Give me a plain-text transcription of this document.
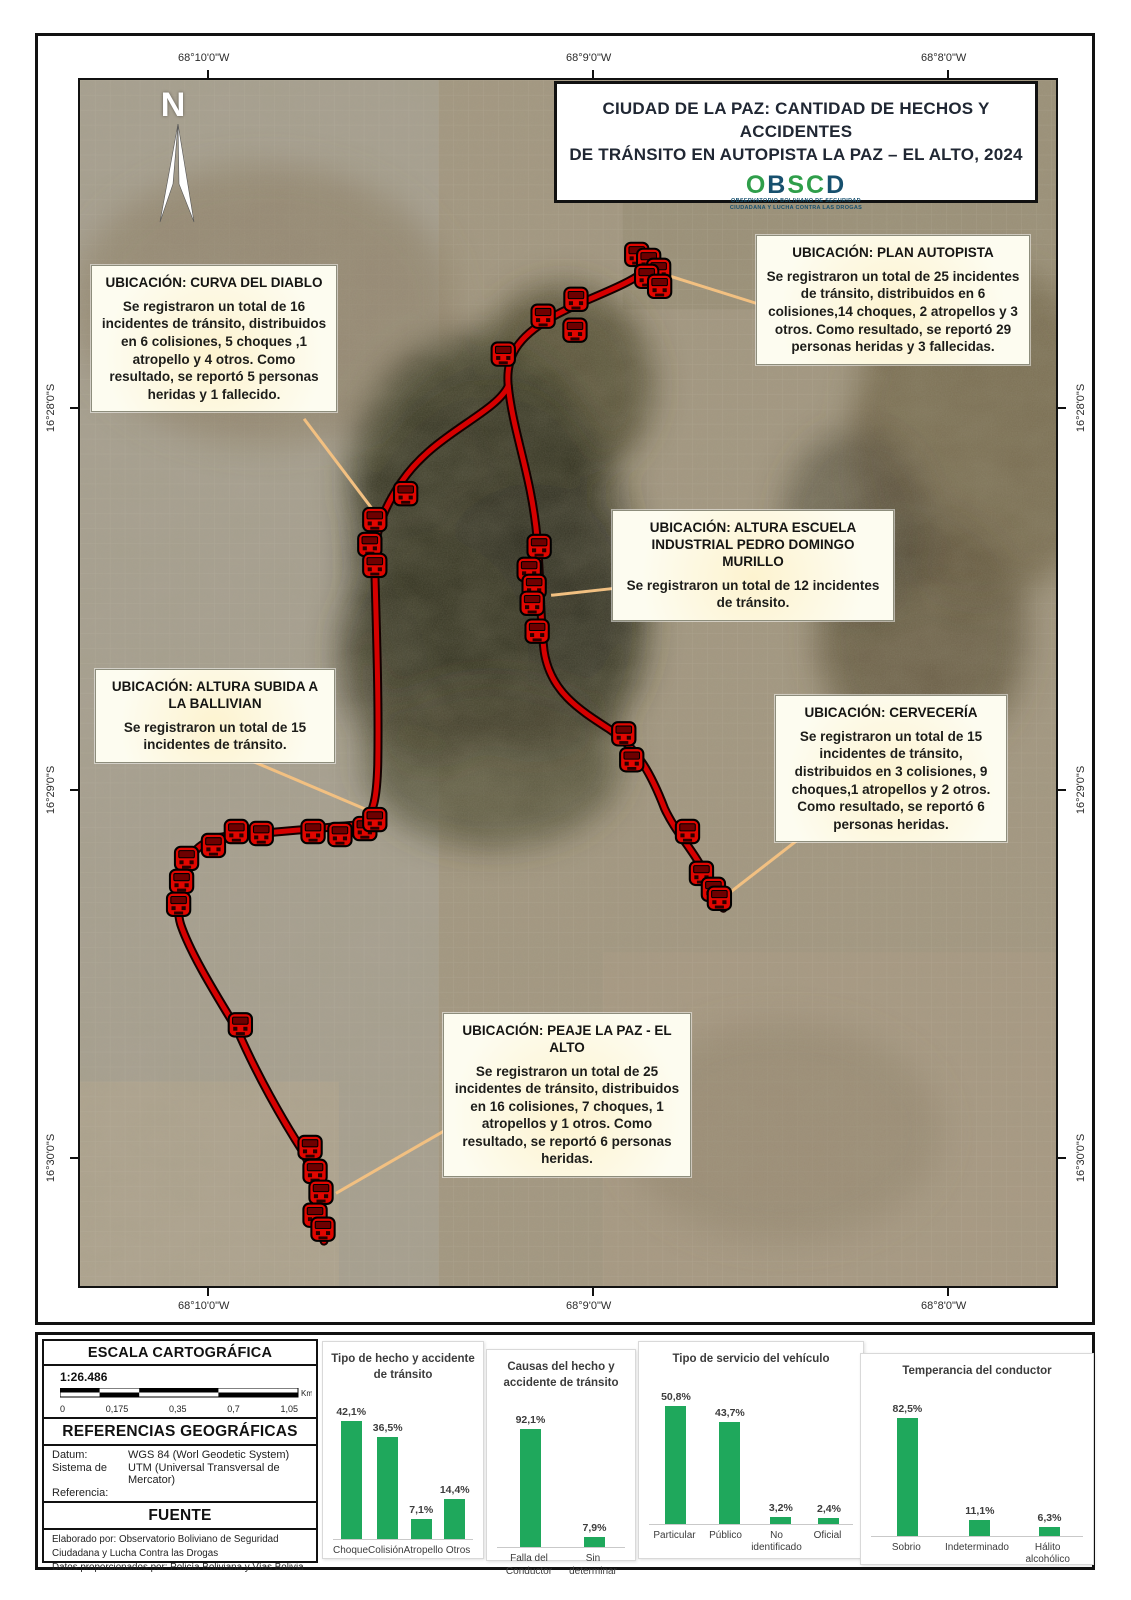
N	CIUDAD DE LA PAZ: CANTIDAD DE HECHOS Y ACCIDENTES
DE TRÁNSITO EN AUTOPISTA LA PAZ – EL ALTO, 2024
OBSCD
OBSERVATORIO BOLIVIANO DE SEGURIDAD
CIUDADANA Y LUCHA CONTRA LAS DROGAS
68°10'0"W	68°9'0"W	68°8'0"W
68°10'0"W	68°9'0"W	68°8'0"W
16°28'0"S
16°29'0"S
16°30'0"S
16°28'0"S
16°29'0"S
16°30'0"S
UBICACIÓN: CURVA DEL DIABLO

Se registraron un total de 16 incidentes de tránsito, distribuidos en 6 colisiones, 5 choques ,1 atropello y 4 otros. Como resultado, se reportó 5 personas heridas y 1 fallecido.

UBICACIÓN: PLAN AUTOPISTA

Se registraron un total de 25 incidentes de tránsito, distribuidos en 6 colisiones,14 choques, 2 atropellos y 3 otros. Como resultado, se reportó 29 personas heridas y 3 fallecidas.

UBICACIÓN: ALTURA ESCUELA INDUSTRIAL PEDRO DOMINGO MURILLO

Se registraron un total de 12 incidentes de tránsito.

UBICACIÓN: ALTURA SUBIDA A LA BALLIVIAN

Se registraron un total de 15 incidentes de tránsito.

UBICACIÓN: CERVECERÍA

Se registraron un total de 15 incidentes de tránsito, distribuidos en 3 colisiones, 9 choques,1 atropellos y 2 otros. Como resultado, se reportó 6 personas heridas.

UBICACIÓN: PEAJE LA PAZ - EL ALTO

Se registraron un total de 25 incidentes de tránsito, distribuidos en 16 colisiones, 7 choques, 1 atropellos y 1 otros. Como resultado, se reportó 6 personas heridas.

ESCALA CARTOGRÁFICA
1:26.486
Km
0	0,175	0,35	0,7	1,05
REFERENCIAS GEOGRÁFICAS
Datum:	WGS 84 (Worl Geodetic System)
Sistema de	UTM (Universal Transversal de Mercator)
Referencia:
FUENTE
Elaborado por: Observatorio Boliviano de Seguridad Ciudadana y Lucha Contra las Drogas
Datos proporcionados por: Policía Boliviana y Vías Bolivia
Tipo de hecho y accidente de tránsito
42,1%
36,5%
7,1%
14,4%
Choque Colisión Atropello Otros
Causas del hecho y accidente de tránsito
92,1%
7,9%
Falla del Conductor
Sin determinar
Tipo de servicio del vehículo
50,8%
43,7%
3,2% 2,4%
Particular	Público	No identificado
Oficial
Temperancia del conductor
82,5%
11,1%
6,3%
Sobrio	Indeterminado	Hálito alcohólico
